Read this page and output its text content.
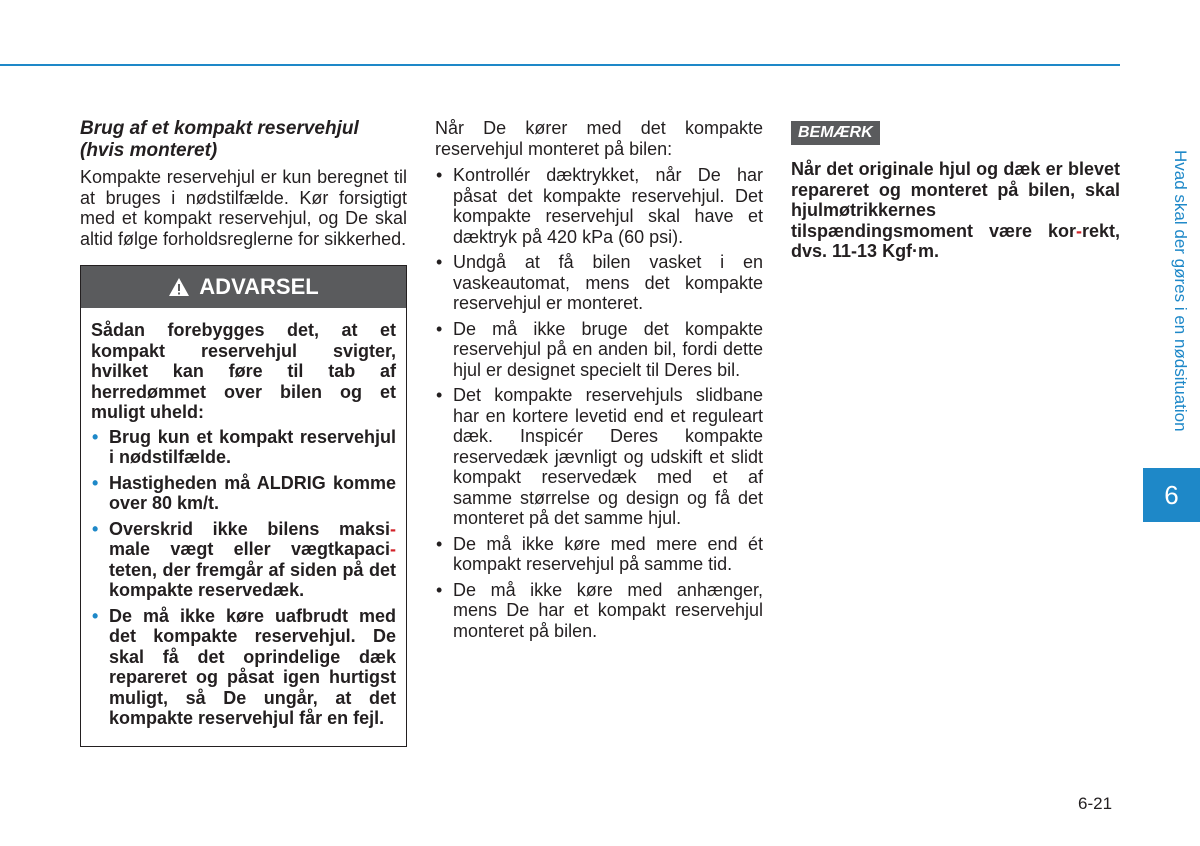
Brug af et kompakt reservehjul
(hvis monteret)

Kompakte reservehjul er kun beregnet til at bruges i nødstilfælde. Kør forsigtigt med et kompakt reservehjul, og De skal altid følge forholdsreglerne for sikkerhed.

ADVARSEL

Sådan forebygges det, at et kompakt reservehjul svigter, hvilket kan føre til tab af herredømmet over bilen og et muligt uheld:

• Brug kun et kompakt reservehjul i nødstilfælde.
• Hastigheden må ALDRIG komme over 80 km/t.
• Overskrid ikke bilens maksi- male vægt eller vægtkapaci- teten, der fremgår af siden på det kompakte reservedæk.
• De må ikke køre uafbrudt med det kompakte reservehjul. De skal få det oprindelige dæk repareret og påsat igen hurtigst muligt, så De ungår, at det kompakte reservehjul får en fejl.

Når De kører med det kompakte reservehjul monteret på bilen:

• Kontrollér dæktrykket, når De har påsat det kompakte reservehjul. Det kompakte reservehjul skal have et dæktryk på 420 kPa (60 psi).
• Undgå at få bilen vasket i en vaskeautomat, mens det kompakte reservehjul er monteret.
• De må ikke bruge det kompakte reservehjul på en anden bil, fordi dette hjul er designet specielt til Deres bil.
• Det kompakte reservehjuls slidbane har en kortere levetid end et reguleart dæk. Inspicér Deres kompakte reservedæk jævnligt og udskift et slidt kompakt reservedæk med et af samme størrelse og design og få det monteret på det samme hjul.
• De må ikke køre med mere end ét kompakt reservehjul på samme tid.
• De må ikke køre med anhænger, mens De har et kompakt reservehjul monteret på bilen.
BEMÆRK
Når det originale hjul og dæk er blevet repareret og monteret på bilen, skal hjulmøtrikkernes tilspændingsmoment være kor-rekt, dvs. 11-13 Kgf·m.	Hvad skal der gøres i en nødsituation
6
6-21
